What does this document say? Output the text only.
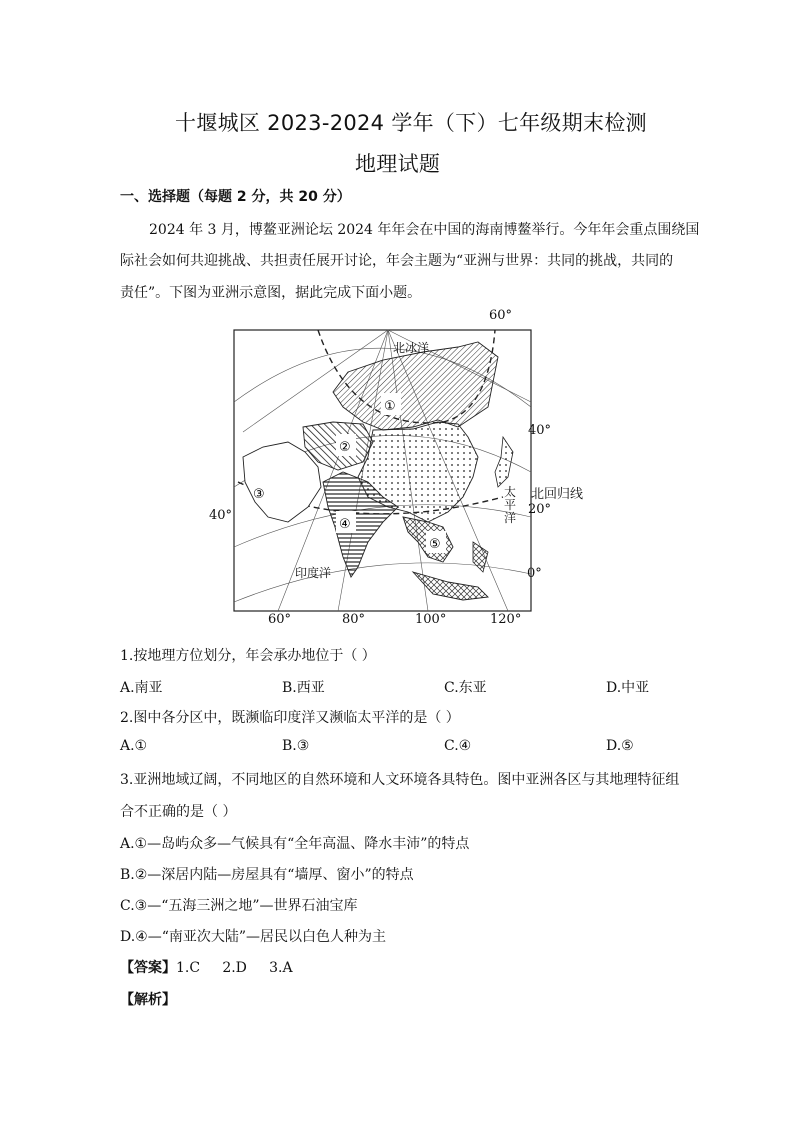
十堰城区 2023-2024 学年（下）七年级期末检测
地理试题
一、选择题（每题 2 分，共 20 分）
2024 年 3 月，博鳌亚洲论坛 2024 年年会在中国的海南博鳌举行。今年年会重点围绕国
际社会如何共迎挑战、共担责任展开讨论，年会主题为“亚洲与世界：共同的挑战，共同的
责任”。下图为亚洲示意图，据此完成下面小题。
①
②
③
④
⑤
北冰洋
印度洋
太
平
洋
60°
40°
北回归线
20°
0°
40°
60°	80°	100°	120°
1.按地理方位划分，年会承办地位于（ ）
A.南亚	B.西亚	C.东亚	D.中亚
2.图中各分区中，既濒临印度洋又濒临太平洋的是（ ）
A.①	B.③	C.④	D.⑤
3.亚洲地域辽阔，不同地区的自然环境和人文环境各具特色。图中亚洲各区与其地理特征组
合不正确的是（ ）
A.①—岛屿众多—气候具有“全年高温、降水丰沛”的特点
B.②—深居内陆—房屋具有“墙厚、窗小”的特点
C.③—“五海三洲之地”—世界石油宝库
D.④—“南亚次大陆”—居民以白色人种为主
【答案】1.C     2.D     3.A
【解析】
